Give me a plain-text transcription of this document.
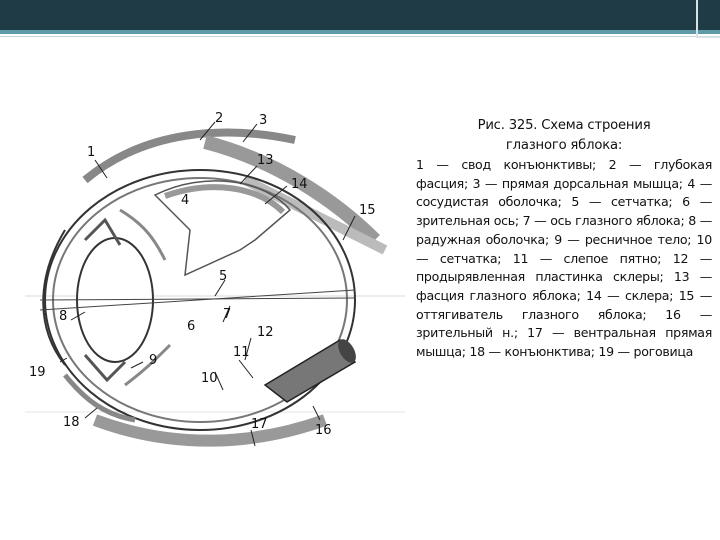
1
2	3
13
14
15
4
5
6
7
8
12
19
9
11
10
18
16
17
Рис. 325. Схема строения
глазного яблока:
1 — свод конъюнктивы; 2 — глубокая фасция; 3 — прямая дорсальная мышца; 4 — сосудистая оболочка; 5 — сетчатка; 6 — зрительная ось; 7 — ось глазного яблока; 8 — радужная оболочка; 9 — ресничное тело; 10 — сетчатка; 11 — слепое пятно; 12 — продырявленная пластинка склеры; 13 — фасция глазного яблока; 14 — склера; 15 — оттягиватель глазного яблока; 16 — зрительный н.; 17 — вентральная прямая мышца; 18 — конъюнктива; 19 — роговица
